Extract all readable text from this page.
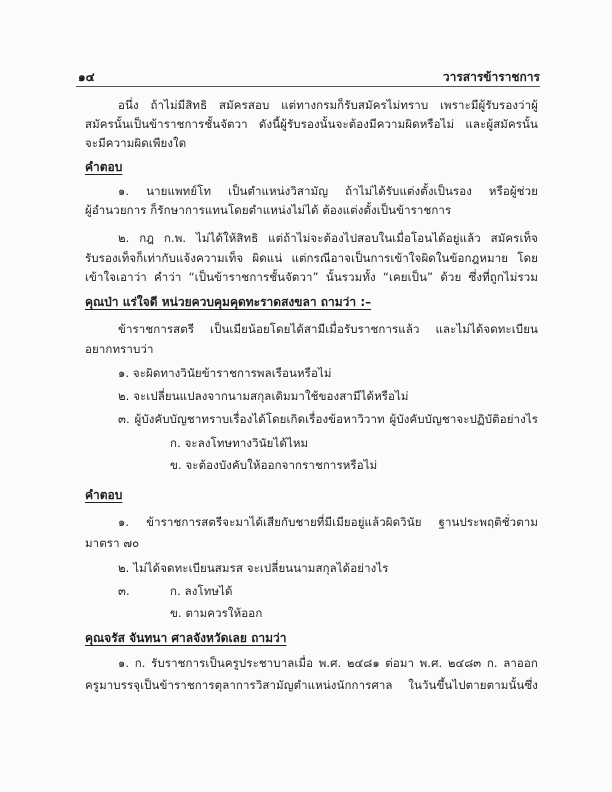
๑๔	วารสารข้าราชการ
อนึ่ง ถ้าไม่มีสิทธิ สมัครสอบ แต่ทางกรมก็รับสมัครไม่ทราบ เพราะมีผู้รับรองว่าผู้
สมัครนั้นเป็นข้าราชการชั้นจัตวา ดังนี้ผู้รับรองนั้นจะต้องมีความผิดหรือไม่ และผู้สมัครนั้น
จะมีความผิดเพียงใด
คำตอบ
๑. นายแพทย์โท เป็นตำแหน่งวิสามัญ ถ้าไม่ได้รับแต่งตั้งเป็นรอง หรือผู้ช่วย
ผู้อำนวยการ ก็รักษาการแทนโดยตำแหน่งไม่ได้ ต้องแต่งตั้งเป็นข้าราชการ
๒. กฎ ก.พ. ไม่ได้ให้สิทธิ แต่ถ้าไม่จะต้องไปสอบในเมื่อโอนได้อยู่แล้ว สมัครเท็จ
รับรองเท็จก็เท่ากับแจ้งความเท็จ ผิดแน่ แต่กรณีอาจเป็นการเข้าใจผิดในข้อกฎหมาย โดย
เข้าใจเอาว่า คำว่า “เป็นข้าราชการชั้นจัตวา” นั้นรวมทั้ง “เคยเป็น” ด้วย ซึ่งที่ถูกไม่รวม
คุณป่า แร่ใจดี หน่วยควบคุมคุดทะราดสงขลา ถามว่า :–
ข้าราชการสตรี เป็นเมียน้อยโดยได้สามีเมื่อรับราชการแล้ว และไม่ได้จดทะเบียน
อยากทราบว่า
๑. จะผิดทางวินัยข้าราชการพลเรือนหรือไม่
๒. จะเปลี่ยนแปลงจากนามสกุลเดิมมาใช้ของสามีได้หรือไม่
๓. ผู้บังคับบัญชาทราบเรื่องได้โดยเกิดเรื่องข้อหาวิวาท ผู้บังคับบัญชาจะปฏิบัติอย่างไร
ก. จะลงโทษทางวินัยได้ไหม
ข. จะต้องบังคับให้ออกจากราชการหรือไม่
คำตอบ
๑. ข้าราชการสตรีจะมาได้เสียกับชายที่มีเมียอยู่แล้วผิดวินัย ฐานประพฤติชั่วตาม
มาตรา ๗๐
๒. ไม่ได้จดทะเบียนสมรส จะเปลี่ยนนามสกุลได้อย่างไร
๓.	ก. ลงโทษได้
ข. ตามควรให้ออก
คุณจรัส จันทนา ศาลจังหวัดเลย ถามว่า
๑. ก. รับราชการเป็นครูประชาบาลเมื่อ พ.ศ. ๒๔๘๑ ต่อมา พ.ศ. ๒๔๘๓ ก. ลาออก
ครูมาบรรจุเป็นข้าราชการตุลาการวิสามัญตำแหน่งนักการศาล ในวันขึ้นไปตายตามนั้นซึ่ง
